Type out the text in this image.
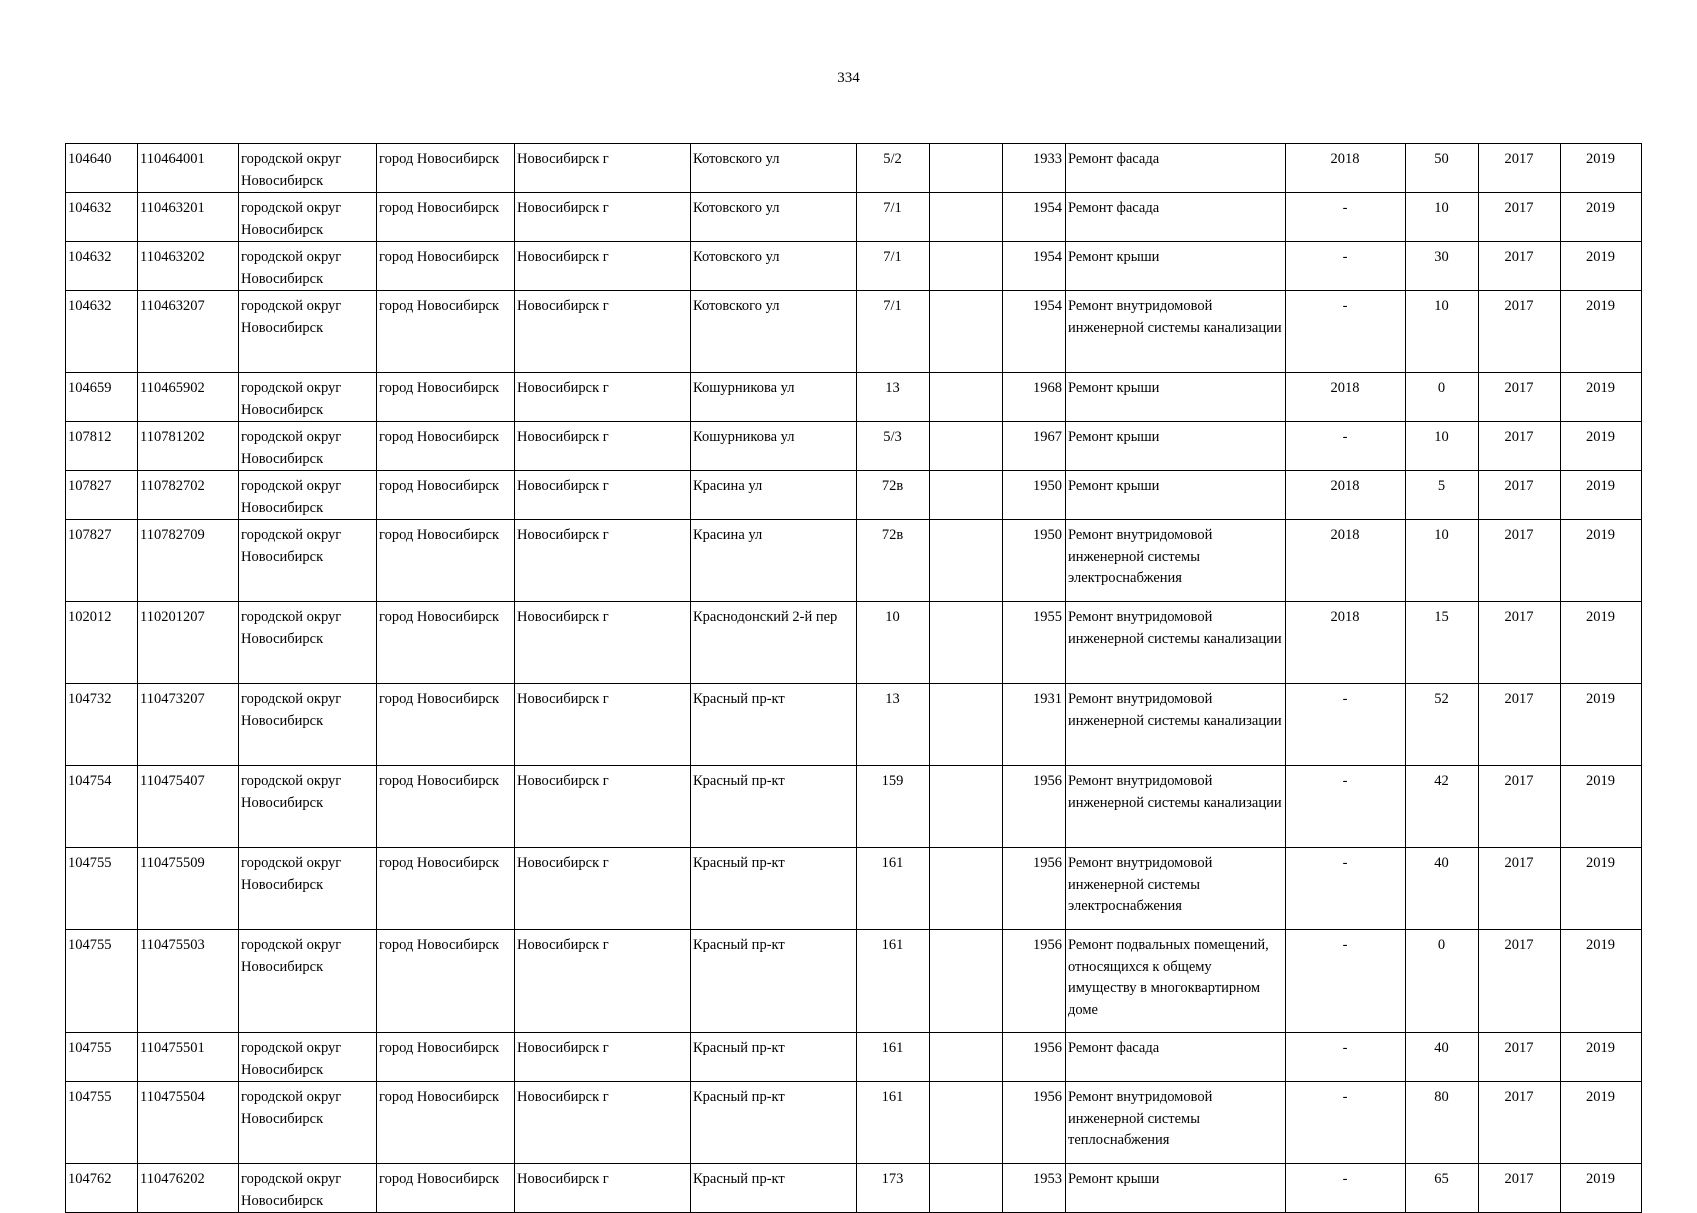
334
104640	110464001	городской округ Новосибирск	город Новосибирск	Новосибирск г	Котовского ул	5/2		1933	Ремонт фасада	2018	50	2017	2019
104632	110463201	городской округ Новосибирск	город Новосибирск	Новосибирск г	Котовского ул	7/1		1954	Ремонт фасада	-	10	2017	2019
104632	110463202	городской округ Новосибирск	город Новосибирск	Новосибирск г	Котовского ул	7/1		1954	Ремонт крыши	-	30	2017	2019
104632	110463207	городской округ Новосибирск	город Новосибирск	Новосибирск г	Котовского ул	7/1		1954	Ремонт внутридомовой инженерной системы канализации	-	10	2017	2019
104659	110465902	городской округ Новосибирск	город Новосибирск	Новосибирск г	Кошурникова ул	13		1968	Ремонт крыши	2018	0	2017	2019
107812	110781202	городской округ Новосибирск	город Новосибирск	Новосибирск г	Кошурникова ул	5/3		1967	Ремонт крыши	-	10	2017	2019
107827	110782702	городской округ Новосибирск	город Новосибирск	Новосибирск г	Красина ул	72в		1950	Ремонт крыши	2018	5	2017	2019
107827	110782709	городской округ Новосибирск	город Новосибирск	Новосибирск г	Красина ул	72в		1950	Ремонт внутридомовой инженерной системы электроснабжения	2018	10	2017	2019
102012	110201207	городской округ Новосибирск	город Новосибирск	Новосибирск г	Краснодонский 2-й пер	10		1955	Ремонт внутридомовой инженерной системы канализации	2018	15	2017	2019
104732	110473207	городской округ Новосибирск	город Новосибирск	Новосибирск г	Красный пр-кт	13		1931	Ремонт внутридомовой инженерной системы канализации	-	52	2017	2019
104754	110475407	городской округ Новосибирск	город Новосибирск	Новосибирск г	Красный пр-кт	159		1956	Ремонт внутридомовой инженерной системы канализации	-	42	2017	2019
104755	110475509	городской округ Новосибирск	город Новосибирск	Новосибирск г	Красный пр-кт	161		1956	Ремонт внутридомовой инженерной системы электроснабжения	-	40	2017	2019
104755	110475503	городской округ Новосибирск	город Новосибирск	Новосибирск г	Красный пр-кт	161		1956	Ремонт подвальных помещений, относящихся к общему имуществу в многоквартирном доме	-	0	2017	2019
104755	110475501	городской округ Новосибирск	город Новосибирск	Новосибирск г	Красный пр-кт	161		1956	Ремонт фасада	-	40	2017	2019
104755	110475504	городской округ Новосибирск	город Новосибирск	Новосибирск г	Красный пр-кт	161		1956	Ремонт внутридомовой инженерной системы теплоснабжения	-	80	2017	2019
104762	110476202	городской округ Новосибирск	город Новосибирск	Новосибирск г	Красный пр-кт	173		1953	Ремонт крыши	-	65	2017	2019
